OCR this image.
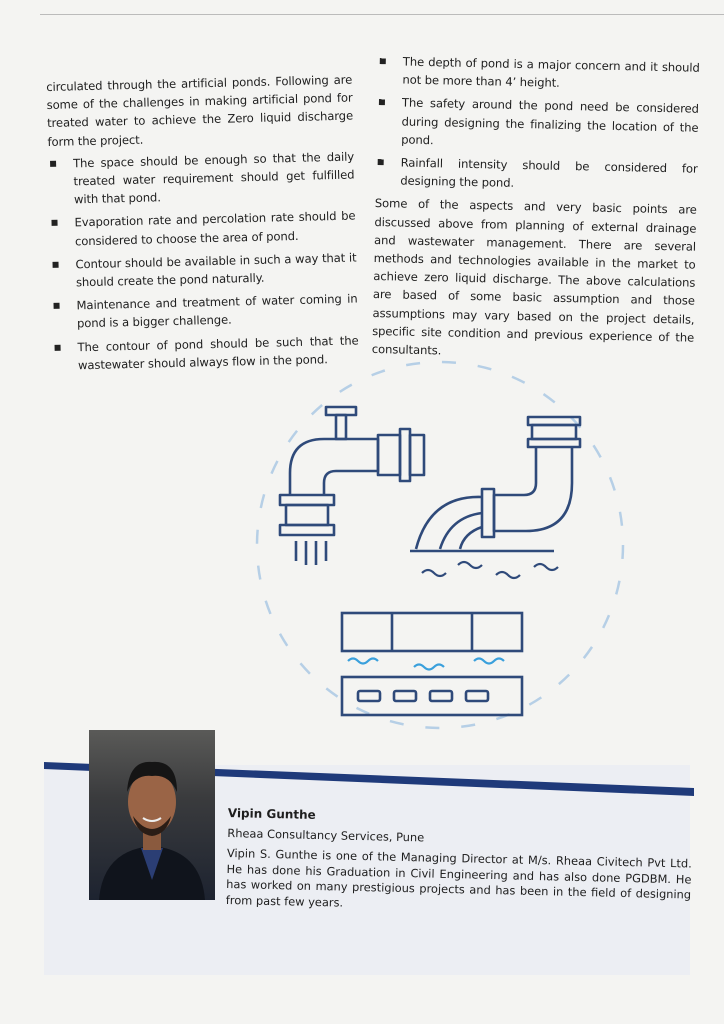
circulated through the artificial ponds. Following are some of the challenges in making artificial pond for treated water to achieve the Zero liquid discharge form the project.

The space should be enough so that the daily treated water requirement should get fulfilled with that pond.
Evaporation rate and percolation rate should be considered to choose the area of pond.
Contour should be available in such a way that it should create the pond naturally.
Maintenance and treatment of water coming in pond is a bigger challenge.
The contour of pond should be such that the wastewater should always flow in the pond.
The depth of pond is a major concern and it should not be more than 4’ height.
The safety around the pond need be considered during designing the finalizing the location of the pond.
Rainfall intensity should be considered for designing the pond.

Some of the aspects and very basic points are discussed above from planning of external drainage and wastewater management. There are several methods and technologies available in the market to achieve zero liquid discharge. The above calculations are based of some basic assumption and those assumptions may vary based on the project details, specific site condition and previous experience of the consultants.

Vipin Gunthe
Rheaa Consultancy Services, Pune
Vipin S. Gunthe is one of the Managing Director at M/s. Rheaa Civitech Pvt Ltd. He has done his Graduation in Civil Engineering and has also done PGDBM. He has worked on many prestigious projects and has been in the field of designing from past few years.
